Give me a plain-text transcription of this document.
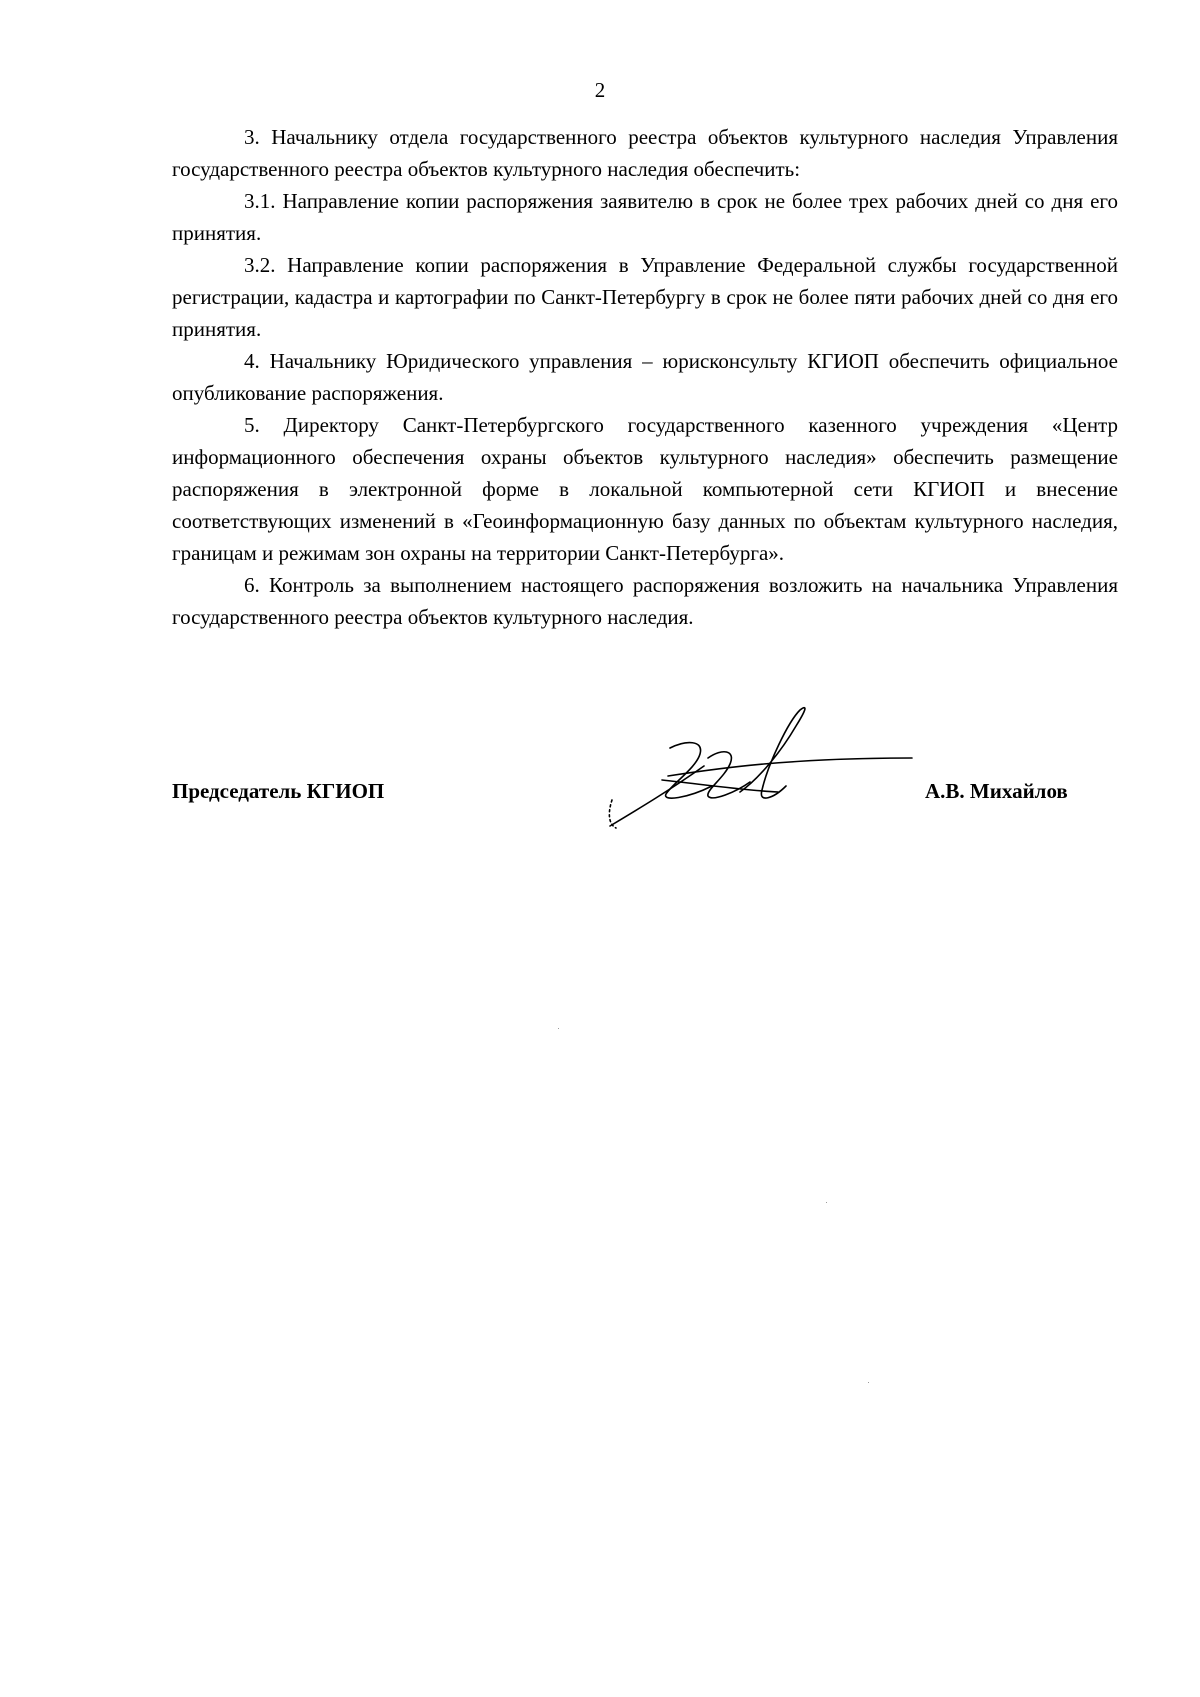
2

3. Начальнику отдела государственного реестра объектов культурного наследия Управления государственного реестра объектов культурного наследия обеспечить:

3.1. Направление копии распоряжения заявителю в срок не более трех рабочих дней со дня его принятия.

3.2. Направление копии распоряжения в Управление Федеральной службы государственной регистрации, кадастра и картографии по Санкт-Петербургу в срок не более пяти рабочих дней со дня его принятия.

4. Начальнику Юридического управления – юрисконсульту КГИОП обеспечить официальное опубликование распоряжения.

5. Директору Санкт-Петербургского государственного казенного учреждения «Центр информационного обеспечения охраны объектов культурного наследия» обеспечить размещение распоряжения в электронной форме в локальной компьютерной сети КГИОП и внесение соответствующих изменений в «Геоинформационную базу данных по объектам культурного наследия, границам и режимам зон охраны на территории Санкт-Петербурга».

6. Контроль за выполнением настоящего распоряжения возложить на начальника Управления государственного реестра объектов культурного наследия.

Председатель КГИОП	А.В. Михайлов
